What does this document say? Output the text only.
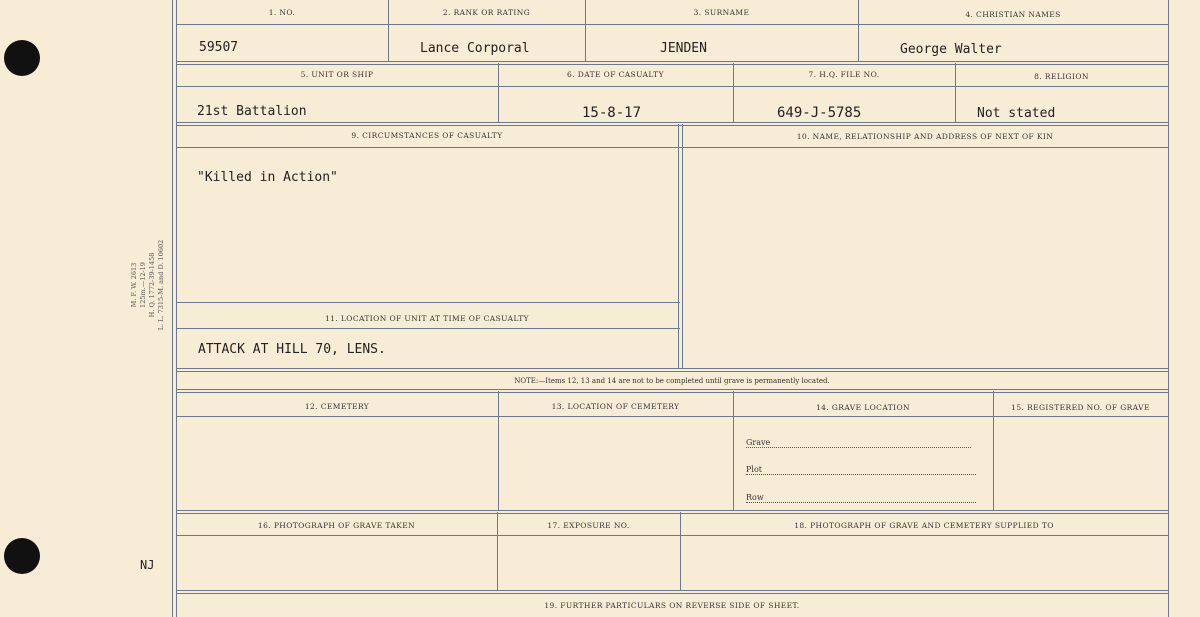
M. F. W. 2613 125m.—12-19 H. Q. 1772-39-1458 L. L. 7315-M. and D. 10602
NJ
1. NO.
59507
2. RANK OR RATING
Lance Corporal
3. SURNAME
JENDEN
4. CHRISTIAN NAMES
George Walter
5. UNIT OR SHIP
21st Battalion
6. DATE OF CASUALTY
15-8-17
7. H.Q. FILE NO.
649-J-5785
8. RELIGION
Not stated
9. CIRCUMSTANCES OF CASUALTY
"Killed in Action"
10. NAME, RELATIONSHIP AND ADDRESS OF NEXT OF KIN
11. LOCATION OF UNIT AT TIME OF CASUALTY
ATTACK AT HILL 70, LENS.
NOTE:—Items 12, 13 and 14 are not to be completed until grave is permanently located.
12. CEMETERY	13. LOCATION OF CEMETERY	14. GRAVE LOCATION	15. REGISTERED NO. OF GRAVE
Grave
Plot
Row
16. PHOTOGRAPH OF GRAVE TAKEN	17. EXPOSURE NO.	18. PHOTOGRAPH OF GRAVE AND CEMETERY SUPPLIED TO
19. FURTHER PARTICULARS ON REVERSE SIDE OF SHEET.
